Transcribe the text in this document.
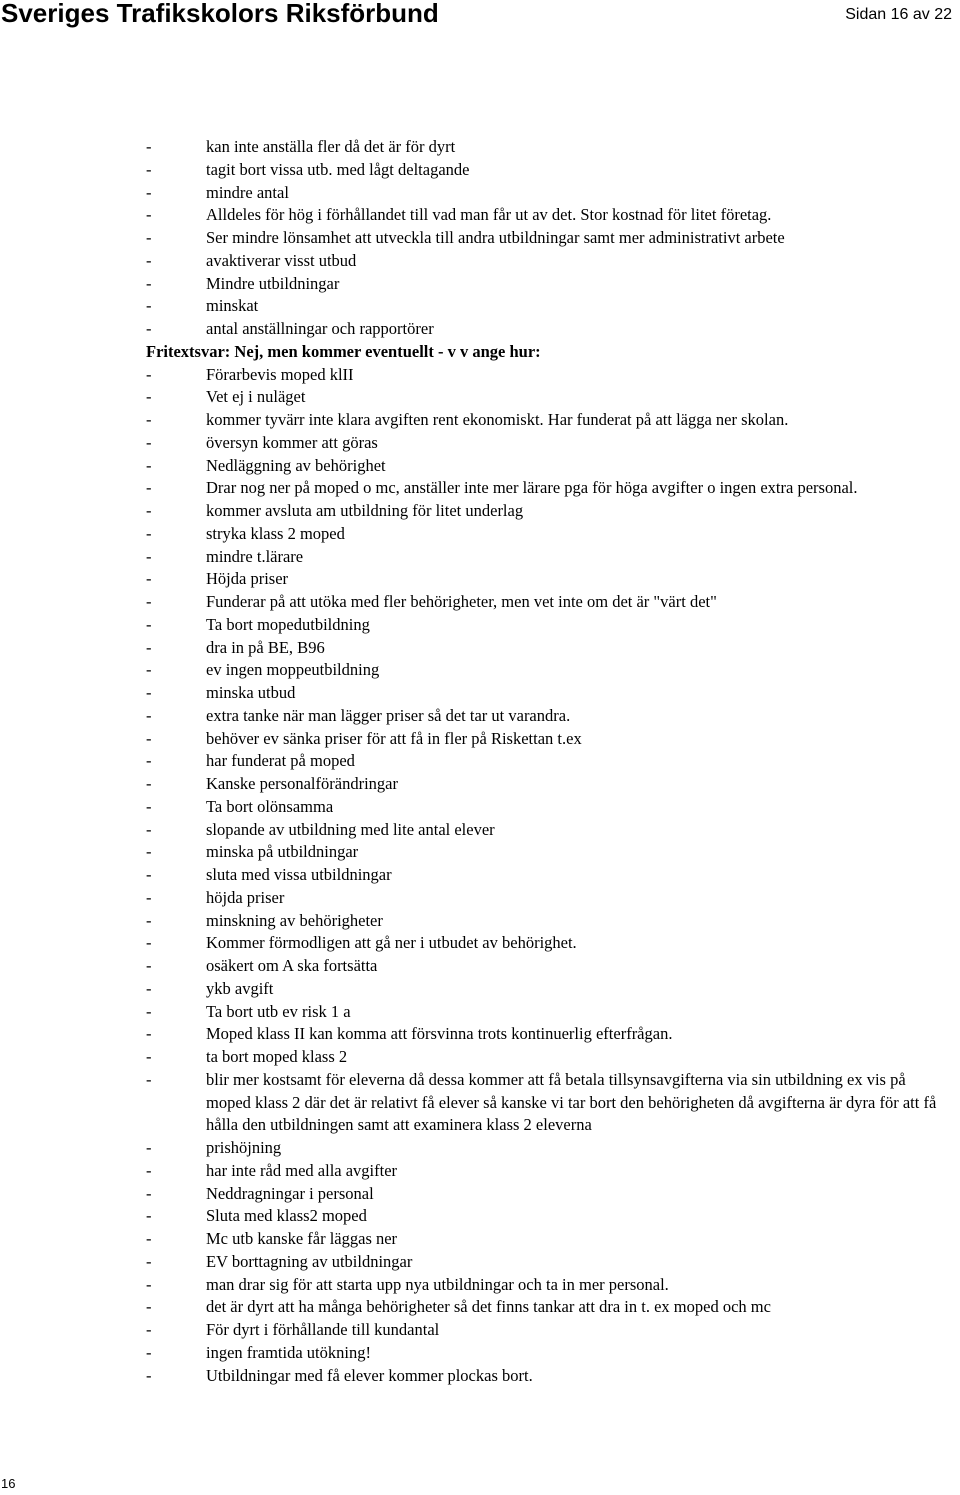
Sveriges Trafikskolors Riksförbund	Sidan 16 av 22
-	kan inte anställa fler då det är för dyrt
-	tagit bort vissa utb. med lågt deltagande
-	mindre antal
-	Alldeles för hög i förhållandet till vad man får ut av det. Stor kostnad för litet företag.
-	Ser mindre lönsamhet att utveckla till andra utbildningar samt mer administrativt arbete
-	avaktiverar visst utbud
-	Mindre utbildningar
-	minskat
-	antal anställningar och rapportörer
Fritextsvar: Nej, men kommer eventuellt - v v ange hur:
-	Förarbevis moped klII
-	Vet ej i nuläget
-	kommer tyvärr inte klara avgiften rent ekonomiskt. Har funderat på att lägga ner skolan.
-	översyn kommer att göras
-	Nedläggning av behörighet
-	Drar nog ner på moped o mc, anställer inte mer lärare pga för höga avgifter o ingen extra personal.
-	kommer avsluta am utbildning för litet underlag
-	stryka klass 2 moped
-	mindre t.lärare
-	Höjda priser
-	Funderar på att utöka med fler behörigheter, men vet inte om det är "värt det"
-	Ta bort mopedutbildning
-	dra in på BE, B96
-	ev ingen moppeutbildning
-	minska utbud
-	extra tanke när man lägger priser så det tar ut varandra.
-	behöver ev sänka priser för att få in fler på Riskettan t.ex
-	har funderat på moped
-	Kanske personalförändringar
-	Ta bort olönsamma
-	slopande av utbildning med lite antal elever
-	minska på utbildningar
-	sluta med vissa utbildningar
-	höjda priser
-	minskning av behörigheter
-	Kommer förmodligen att gå ner i utbudet av behörighet.
-	osäkert om A ska fortsätta
-	ykb avgift
-	Ta bort utb ev risk 1 a
-	Moped klass II kan komma att försvinna trots kontinuerlig efterfrågan.
-	ta bort moped klass 2
-	blir mer kostsamt för eleverna då dessa kommer att få betala tillsynsavgifterna via sin utbildning ex vis på moped klass 2 där det är relativt få elever så kanske vi tar bort den behörigheten då avgifterna är dyra för att få hålla den utbildningen samt att examinera klass 2 eleverna
-	prishöjning
-	har inte råd med alla avgifter
-	Neddragningar i personal
-	Sluta med klass2 moped
-	Mc utb kanske får läggas ner
-	EV borttagning av utbildningar
-	man drar sig för att starta upp nya utbildningar och ta in mer personal.
-	det är dyrt att ha många behörigheter så det finns tankar att dra in t. ex moped och mc
-	För dyrt i förhållande till kundantal
-	ingen framtida utökning!
-	Utbildningar med få elever kommer plockas bort.
16
